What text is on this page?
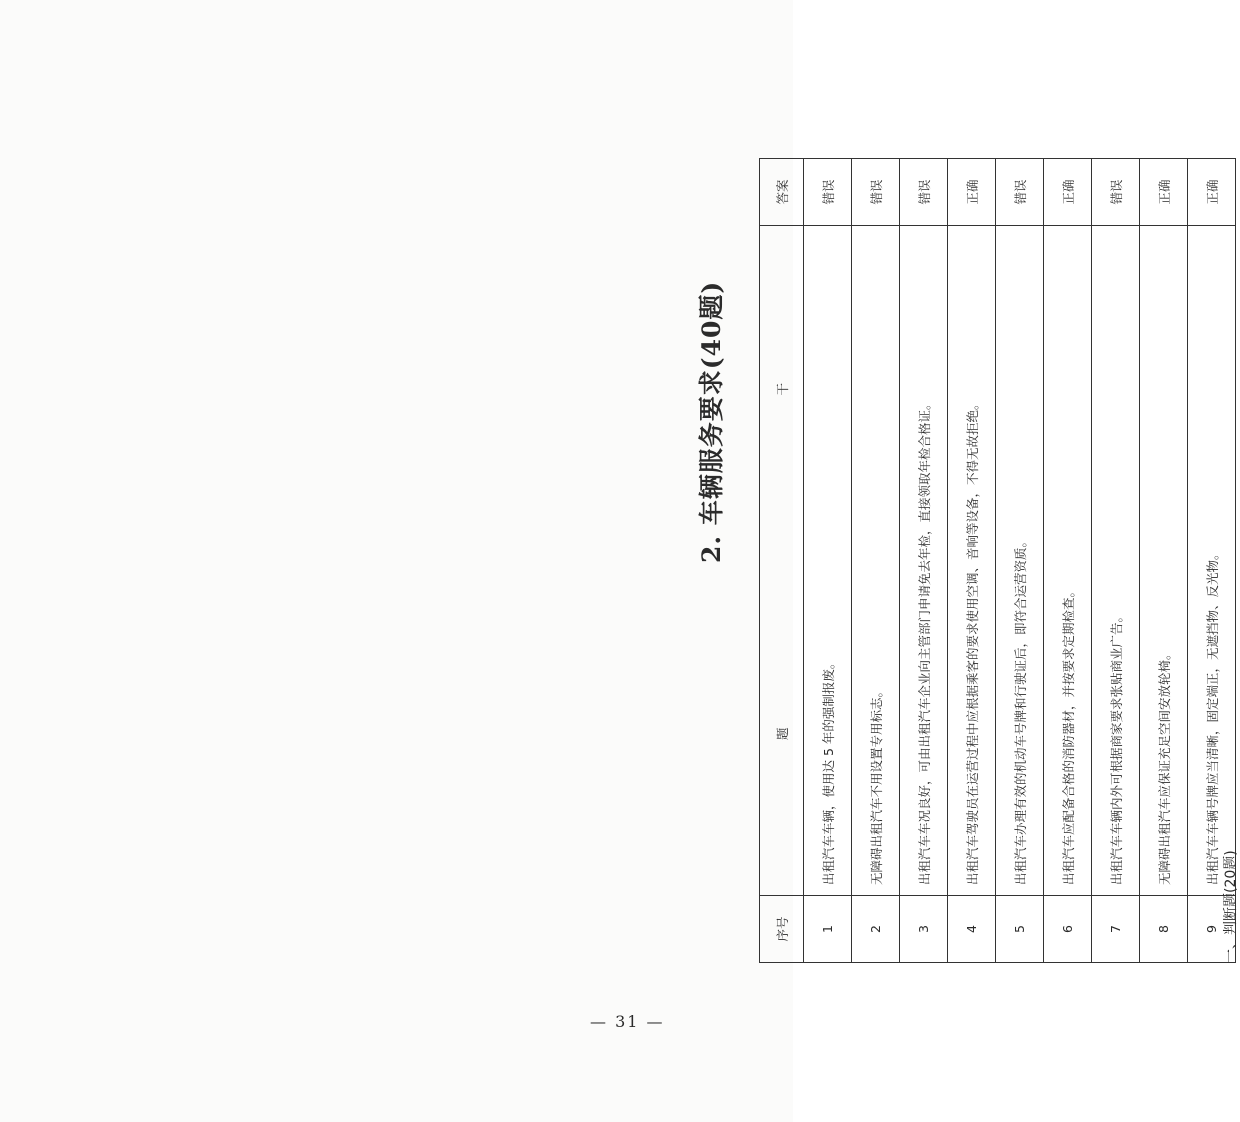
2. 车辆服务要求(40题)
序号	题干	答案
1	出租汽车车辆，使用达 5 年的强制报废。	错误
2	无障碍出租汽车不用设置专用标志。	错误
3	出租汽车车况良好，可由出租汽车企业向主管部门申请免去年检，直接领取年检合格证。	错误
4	出租汽车驾驶员在运营过程中应根据乘客的要求使用空调、音响等设备，不得无故拒绝。	正确
5	出租汽车办理有效的机动车号牌和行驶证后，即符合运营资质。	错误
6	出租汽车应配备合格的消防器材，并按要求定期检查。	正确
7	出租汽车车辆内外可根据商家要求张贴商业广告。	错误
8	无障碍出租汽车应保证充足空间安放轮椅。	正确
9	出租汽车车辆号牌应当清晰，固定端正，无遮挡物、反光物。	正确
一、判断题(20题)
— 31 —
